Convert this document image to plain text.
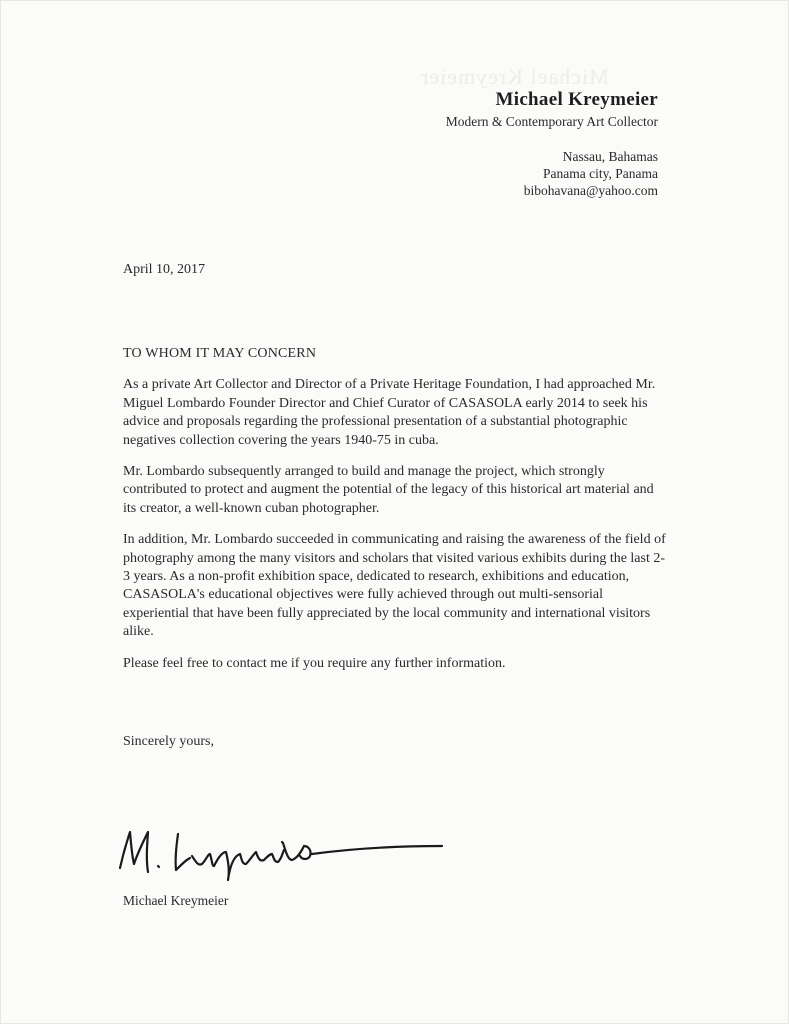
Michael Kreymeier
Michael Kreymeier
Modern & Contemporary Art Collector
Nassau, Bahamas
Panama city, Panama
bibohavana@yahoo.com
April 10, 2017
TO WHOM IT MAY CONCERN

As a private Art Collector and Director of a Private Heritage Foundation, I had approached Mr. Miguel Lombardo Founder Director and Chief Curator of CASASOLA early 2014 to seek his advice and proposals regarding the professional presentation of a substantial photographic negatives collection covering the years 1940-75 in cuba.

Mr. Lombardo subsequently arranged to build and manage the project, which strongly contributed to protect and augment the potential of the legacy of this historical art material and its creator, a well-known cuban photographer.

In addition, Mr. Lombardo succeeded in communicating and raising the awareness of the field of photography among the many visitors and scholars that visited various exhibits during the last 2-3 years. As a non-profit exhibition space, dedicated to research, exhibitions and education, CASASOLA's educational objectives were fully achieved through out multi-sensorial experiential that have been fully appreciated by the local community and international visitors alike.

Please feel free to contact me if you require any further information.

Sincerely yours,
Michael Kreymeier
